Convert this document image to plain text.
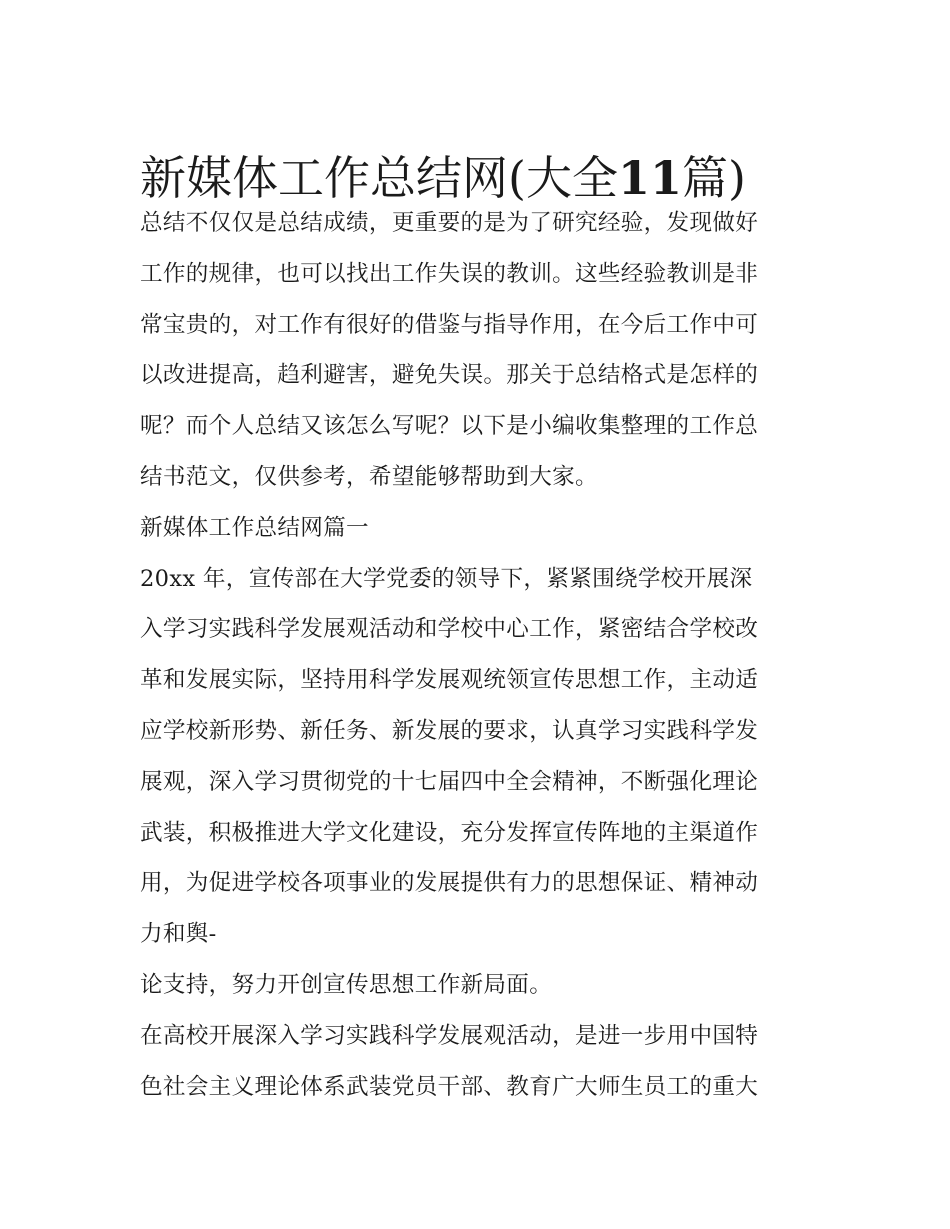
新媒体工作总结网(大全11篇)
总结不仅仅是总结成绩，更重要的是为了研究经验，发现做好
工作的规律，也可以找出工作失误的教训。这些经验教训是非
常宝贵的，对工作有很好的借鉴与指导作用，在今后工作中可
以改进提高，趋利避害，避免失误。那关于总结格式是怎样的
呢？而个人总结又该怎么写呢？以下是小编收集整理的工作总
结书范文，仅供参考，希望能够帮助到大家。
新媒体工作总结网篇一
20xx 年，宣传部在大学党委的领导下，紧紧围绕学校开展深
入学习实践科学发展观活动和学校中心工作，紧密结合学校改
革和发展实际，坚持用科学发展观统领宣传思想工作，主动适
应学校新形势、新任务、新发展的要求，认真学习实践科学发
展观，深入学习贯彻党的十七届四中全会精神，不断强化理论
武装，积极推进大学文化建设，充分发挥宣传阵地的主渠道作
用，为促进学校各项事业的发展提供有力的思想保证、精神动
力和舆-
论支持，努力开创宣传思想工作新局面。
在高校开展深入学习实践科学发展观活动，是进一步用中国特
色社会主义理论体系武装党员干部、教育广大师生员工的重大
